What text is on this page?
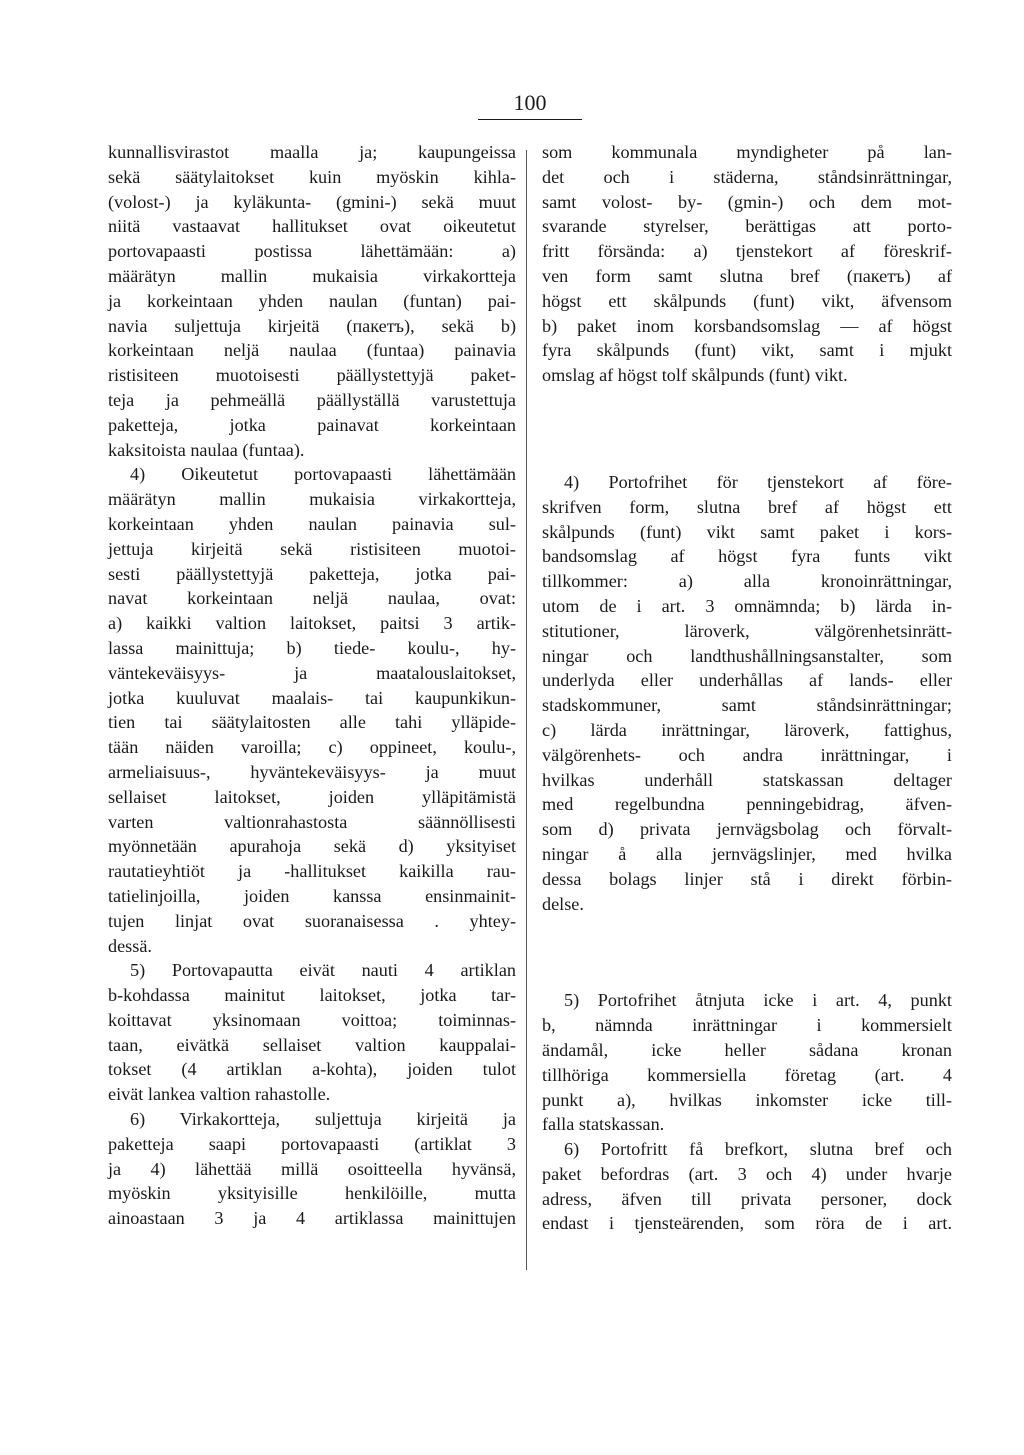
100
kunnallisvirastot maalla ja; kaupungeissa
sekä säätylaitokset kuin myöskin kihla-
(volost-) ja kyläkunta- (gmini-) sekä muut
niitä vastaavat hallitukset ovat oikeutetut
portovapaasti postissa lähettämään: a)
määrätyn mallin mukaisia virkakortteja
ja korkeintaan yhden naulan (funtan) pai-
navia suljettuja kirjeitä (пакетъ), sekä b)
korkeintaan neljä naulaa (funtaa) painavia
ristisiteen muotoisesti päällystettyjä paket-
teja ja pehmeällä päällyställä varustettuja
paketteja, jotka painavat korkeintaan
kaksitoista naulaa (funtaa).
4) Oikeutetut portovapaasti lähettämään
määrätyn mallin mukaisia virkakortteja,
korkeintaan yhden naulan painavia sul-
jettuja kirjeitä sekä ristisiteen muotoi-
sesti päällystettyjä paketteja, jotka pai-
navat korkeintaan neljä naulaa, ovat:
a) kaikki valtion laitokset, paitsi 3 artik-
lassa mainittuja; b) tiede- koulu-, hy-
väntekeväisyys- ja maatalouslaitokset,
jotka kuuluvat maalais- tai kaupunkikun-
tien tai säätylaitosten alle tahi ylläpide-
tään näiden varoilla; c) oppineet, koulu-,
armeliaisuus-, hyväntekeväisyys- ja muut
sellaiset laitokset, joiden ylläpitämistä
varten valtionrahastosta säännöllisesti
myönnetään apurahoja sekä d) yksityiset
rautatieyhtiöt ja -hallitukset kaikilla rau-
tatielinjoilla, joiden kanssa ensinmainit-
tujen linjat ovat suoranaisessa . yhtey-
dessä.
5) Portovapautta eivät nauti 4 artiklan
b-kohdassa mainitut laitokset, jotka tar-
koittavat yksinomaan voittoa; toiminnas-
taan, eivätkä sellaiset valtion kauppalai-
tokset (4 artiklan a-kohta), joiden tulot
eivät lankea valtion rahastolle.
6) Virkakortteja, suljettuja kirjeitä ja
paketteja saapi portovapaasti (artiklat 3
ja 4) lähettää millä osoitteella hyvänsä,
myöskin yksityisille henkilöille, mutta
ainoastaan 3 ja 4 artiklassa mainittujen
som kommunala myndigheter på lan-
det och i städerna, ståndsinrättningar,
samt volost- by- (gmin-) och dem mot-
svarande styrelser, berättigas att porto-
fritt försända: a) tjenstekort af föreskrif-
ven form samt slutna bref (пакетъ) af
högst ett skålpunds (funt) vikt, äfvensom
b) paket inom korsbandsomslag — af högst
fyra skålpunds (funt) vikt, samt i mjukt
omslag af högst tolf skålpunds (funt) vikt.
4) Portofrihet för tjenstekort af före-
skrifven form, slutna bref af högst ett
skålpunds (funt) vikt samt paket i kors-
bandsomslag af högst fyra funts vikt
tillkommer: a) alla kronoinrättningar,
utom de i art. 3 omnämnda; b) lärda in-
stitutioner, läroverk, välgörenhetsinrätt-
ningar och landthushållningsanstalter, som
underlyda eller underhållas af lands- eller
stadskommuner, samt ståndsinrättningar;
c) lärda inrättningar, läroverk, fattighus,
välgörenhets- och andra inrättningar, i
hvilkas underhåll statskassan deltager
med regelbundna penningebidrag, äfven-
som d) privata jernvägsbolag och förvalt-
ningar å alla jernvägslinjer, med hvilka
dessa bolags linjer stå i direkt förbin-
delse.
5) Portofrihet åtnjuta icke i art. 4, punkt
b, nämnda inrättningar i kommersielt
ändamål, icke heller sådana kronan
tillhöriga kommersiella företag (art. 4
punkt a), hvilkas inkomster icke till-
falla statskassan.
6) Portofritt få brefkort, slutna bref och
paket befordras (art. 3 och 4) under hvarje
adress, äfven till privata personer, dock
endast i tjensteärenden, som röra de i art.
